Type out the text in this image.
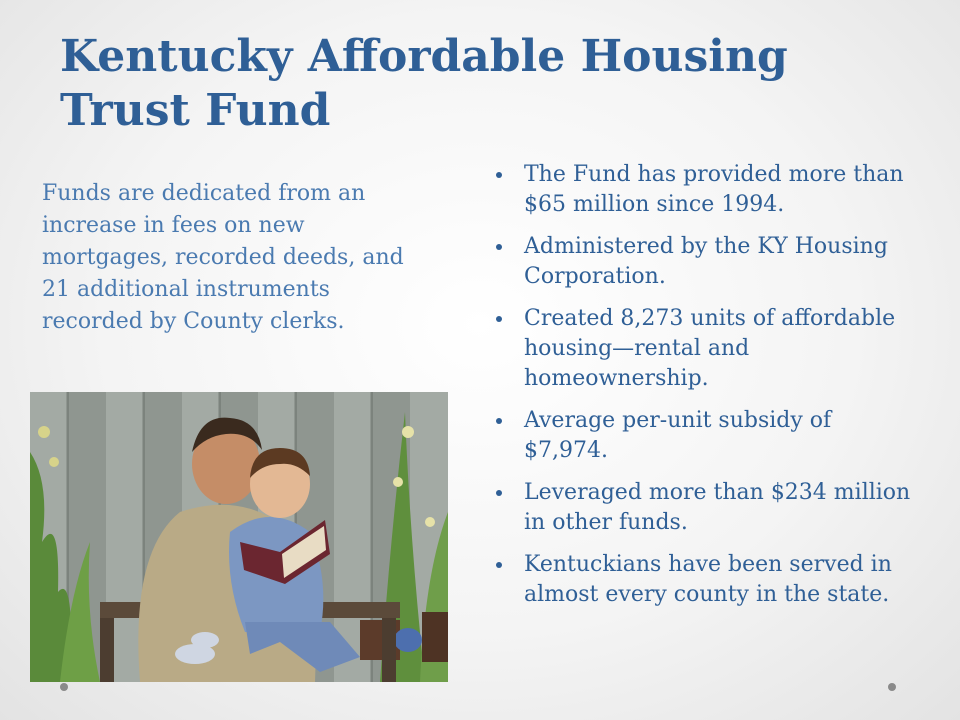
Kentucky Affordable Housing Trust Fund

Funds are dedicated from an increase in fees on new mortgages, recorded deeds, and 21 additional instruments recorded by County clerks.

The Fund has provided more than $65 million since 1994.
Administered by the KY Housing Corporation.
Created 8,273 units of affordable housing—rental and homeownership.
Average per-unit subsidy of $7,974.
Leveraged more than $234 million in other funds.
Kentuckians have been served in almost every county in the state.
